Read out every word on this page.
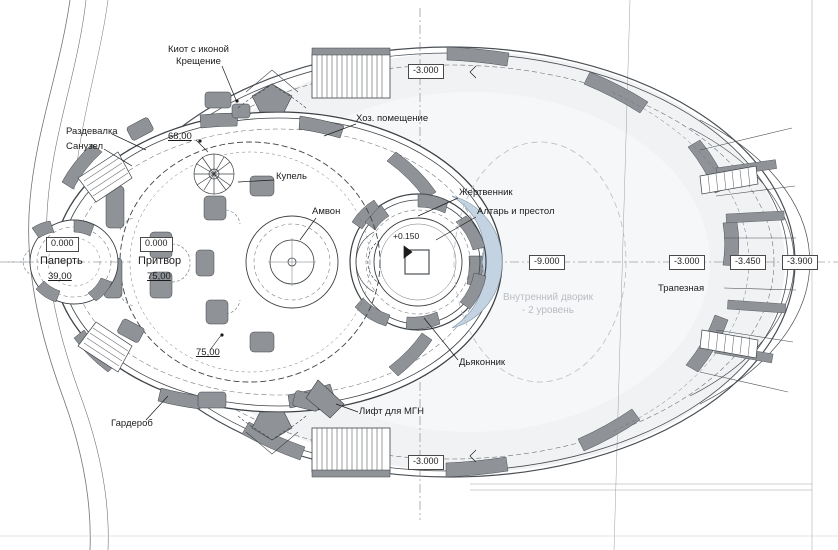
Киот с иконой
Крещение
Раздевалка
Санузел
Хоз. помещение
Купель
Амвон
Жертвенник
Алтарь и престол
Дьяконник
Лифт для МГН
Гардероб
Трапезная
Внутренний дворик
- 2 уровень
0.000
Паперть
39,00
0.000
Притвор
75,00
68,00
75,00
-3.000
-9.000	-3.000	-3.450	-3.900
-3.000
+0.150
